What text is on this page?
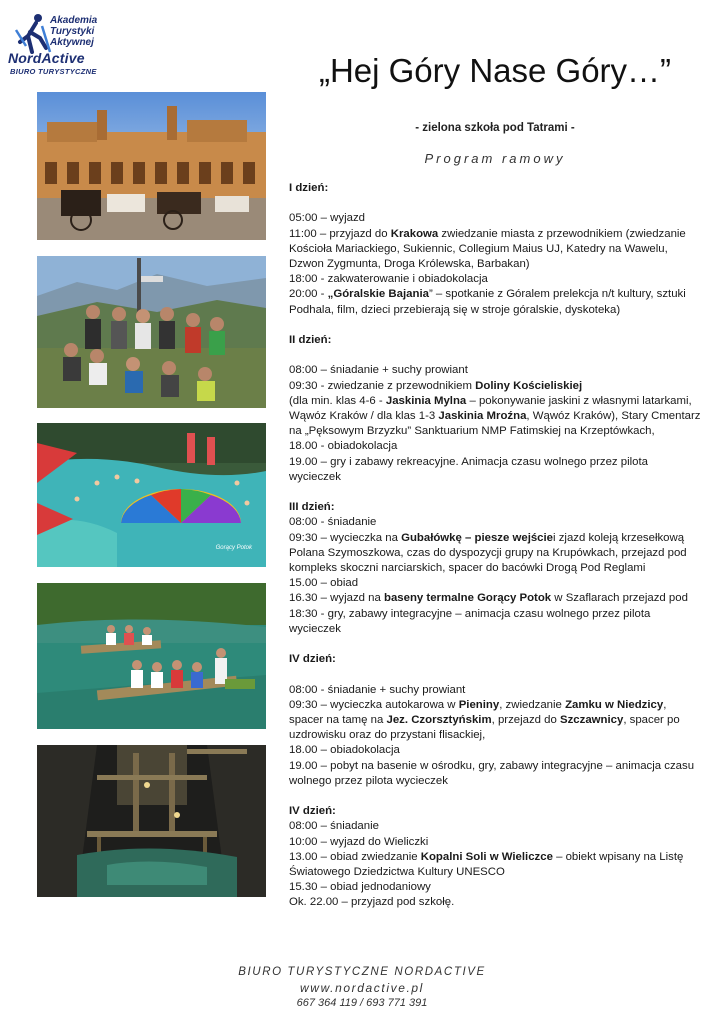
Akademia
Turystyki
Aktywnej
NordActive
BIURO TURYSTYCZNE	„Hej Góry Nase Góry…”
- zielona szkoła pod Tatrami -
Program ramowy
Gorący Potok

I dzień:

05:00 – wyjazd

11:00 – przyjazd do Krakowa zwiedzanie miasta z przewodnikiem (zwiedzanie Kościoła Mariackiego, Sukiennic, Collegium Maius UJ, Katedry na Wawelu, Dzwon Zygmunta, Droga Królewska, Barbakan)

18:00 - zakwaterowanie i obiadokolacja

20:00 - „Góralskie Bajania” – spotkanie z Góralem prelekcja n/t kultury, sztuki Podhala, film, dzieci przebierają się w stroje góralskie, dyskoteka)

II dzień:

08:00 – śniadanie + suchy prowiant

09:30 - zwiedzanie z przewodnikiem Doliny Kościeliskiej

(dla min. klas 4-6 - Jaskinia Mylna – pokonywanie jaskini z własnymi latarkami,

Wąwóz Kraków / dla klas 1-3 Jaskinia Mroźna, Wąwóz Kraków), Stary Cmentarz na „Pęksowym Brzyzku” Sanktuarium NMP Fatimskiej na Krzeptówkach,

18.00 - obiadokolacja

19.00 – gry i zabawy rekreacyjne. Animacja czasu wolnego przez pilota wycieczek

III dzień:

08:00 - śniadanie

09:30 – wycieczka na Gubałówkę – piesze wejściei zjazd koleją krzesełkową

Polana Szymoszkowa, czas do dyspozycji grupy na Krupówkach, przejazd pod kompleks skoczni narciarskich, spacer do bacówki Drogą Pod Reglami

15.00 – obiad

16.30 – wyjazd na baseny termalne Gorący Potok w Szaflarach przejazd pod

18:30 - gry, zabawy integracyjne – animacja czasu wolnego przez pilota wycieczek

IV dzień:

08:00 - śniadanie + suchy prowiant

09:30 – wycieczka autokarowa w Pieniny, zwiedzanie Zamku w Niedzicy, spacer na tamę na Jez. Czorsztyńskim, przejazd do Szczawnicy, spacer po

uzdrowisku oraz do przystani flisackiej,

18.00 – obiadokolacja

19.00 – pobyt na basenie w ośrodku, gry, zabawy integracyjne – animacja czasu wolnego przez pilota wycieczek

IV dzień:

08:00 – śniadanie

10:00 – wyjazd do Wieliczki

13.00 – obiad zwiedzanie Kopalni Soli w Wieliczce – obiekt wpisany na Listę Światowego Dziedzictwa Kultury UNESCO

15.30 – obiad jednodaniowy

Ok. 22.00 – przyjazd pod szkołę.

BIURO TURYSTYCZNE NORDACTIVE
www.nordactive.pl
667 364 119 / 693 771 391
